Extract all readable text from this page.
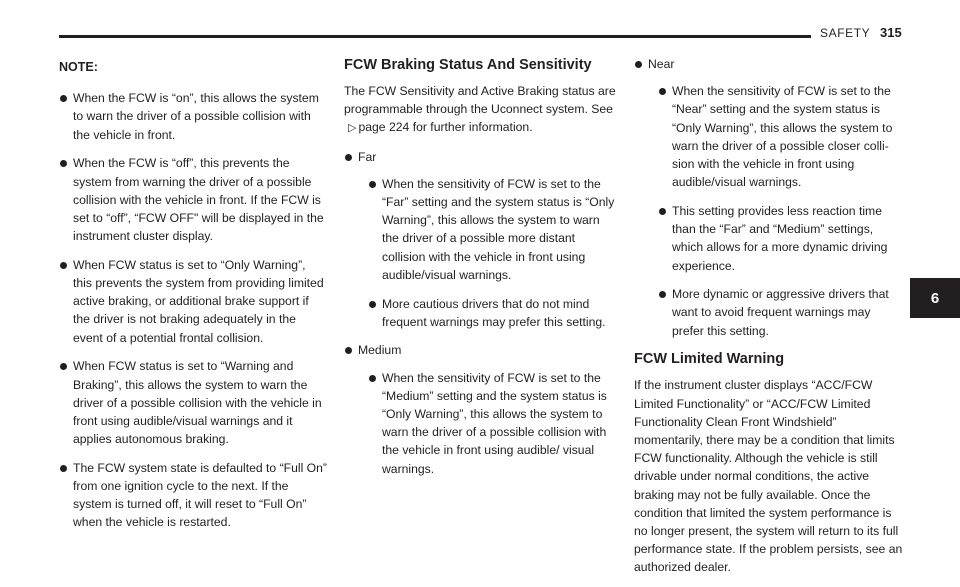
SAFETY 315
6
NOTE:
When the FCW is “on”, this allows the system to warn the driver of a possible collision with the vehicle in front.
When the FCW is “off”, this prevents the system from warning the driver of a possible collision with the vehicle in front. If the FCW is set to “off”, “FCW OFF" will be displayed in the instrument cluster display.
When FCW status is set to “Only Warning”, this prevents the system from providing limited active braking, or additional brake support if the driver is not braking adequately in the event of a potential frontal collision.
When FCW status is set to “Warning and Braking”, this allows the system to warn the driver of a possible collision with the vehicle in front using audible/visual warnings and it applies autonomous braking.
The FCW system state is defaulted to “Full On” from one ignition cycle to the next. If the system is turned off, it will reset to “Full On” when the vehicle is restarted.
FCW Braking Status And Sensitivity
The FCW Sensitivity and Active Braking status are programmable through the Uconnect system. See ▷ page 224 for further information.
Far
When the sensitivity of FCW is set to the “Far” setting and the system status is “Only Warning”, this allows the system to warn the driver of a possible more distant collision with the vehicle in front using audible/visual warnings.
More cautious drivers that do not mind frequent warnings may prefer this setting.
Medium
When the sensitivity of FCW is set to the “Medium” setting and the system status is “Only Warning”, this allows the system to warn the driver of a possible collision with the vehicle in front using audible/ visual warnings.
Near
When the sensitivity of FCW is set to the “Near” setting and the system status is “Only Warning”, this allows the system to warn the driver of a possible closer colli- sion with the vehicle in front using audible/visual warnings.
This setting provides less reaction time than the “Far” and “Medium” settings, which allows for a more dynamic driving experience.
More dynamic or aggressive drivers that want to avoid frequent warnings may prefer this setting.
FCW Limited Warning
If the instrument cluster displays “ACC/FCW Limited Functionality” or “ACC/FCW Limited Functionality Clean Front Windshield” momentarily, there may be a condition that limits FCW functionality. Although the vehicle is still drivable under normal conditions, the active braking may not be fully available. Once the condition that limited the system performance is no longer present, the system will return to its full performance state. If the problem persists, see an authorized dealer.
